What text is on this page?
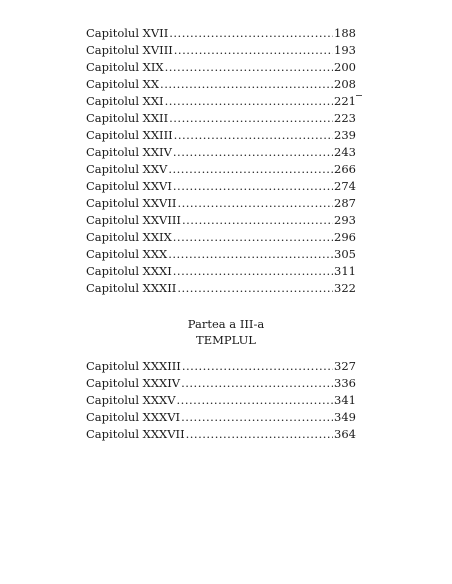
Capitolul XVII .....	188
Capitolul XVIII .....	193
Capitolul XIX .....	200
Capitolul XX .....	208
Capitolul XXI .....	221
Capitolul XXII .....	223
Capitolul XXIII .....	239
Capitolul XXIV .....	243
Capitolul XXV .....	266
Capitolul XXVI .....	274
Capitolul XXVII .....	287
Capitolul XXVIII .....	293
Capitolul XXIX .....	296
Capitolul XXX .....	305
Capitolul XXXI .....	311
Capitolul XXXII .....	322
Partea a III-a
TEMPLUL
Capitolul XXXIII .....	327
Capitolul XXXIV .....	336
Capitolul XXXV .....	341
Capitolul XXXVI .....	349
Capitolul XXXVII .....	364
